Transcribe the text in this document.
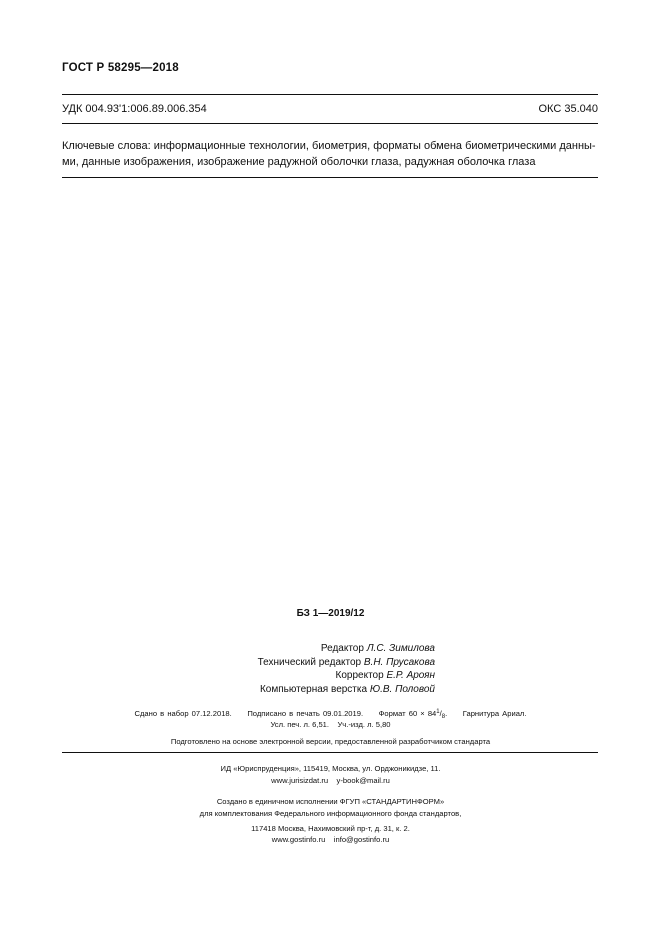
ГОСТ Р 58295—2018
УДК 004.93'1:006.89.006.354	ОКС 35.040
Ключевые слова: информационные технологии, биометрия, форматы обмена биометрическими данны-
ми, данные изображения, изображение радужной оболочки глаза, радужная оболочка глаза
БЗ 1—2019/12
Редактор Л.С. Зимилова
Технический редактор В.Н. Прусакова
Корректор Е.Р. Ароян
Компьютерная верстка Ю.В. Половой
Сдано в набор 07.12.2018. Подписано в печать 09.01.2019. Формат $60 \times 84^1/_8$. Гарнитура Ариал.
Усл. печ. л. 6,51. Уч.-изд. л. 5,80
Подготовлено на основе электронной версии, предоставленной разработчиком стандарта
ИД «Юриспруденция», 115419, Москва, ул. Орджоникидзе, 11.
www.jurisizdat.ru    y-book@mail.ru
Создано в единичном исполнении ФГУП «СТАНДАРТИНФОРМ»
для комплектования Федерального информационного фонда стандартов,
117418 Москва, Нахимовский пр-т, д. 31, к. 2.
www.gostinfo.ru    info@gostinfo.ru
